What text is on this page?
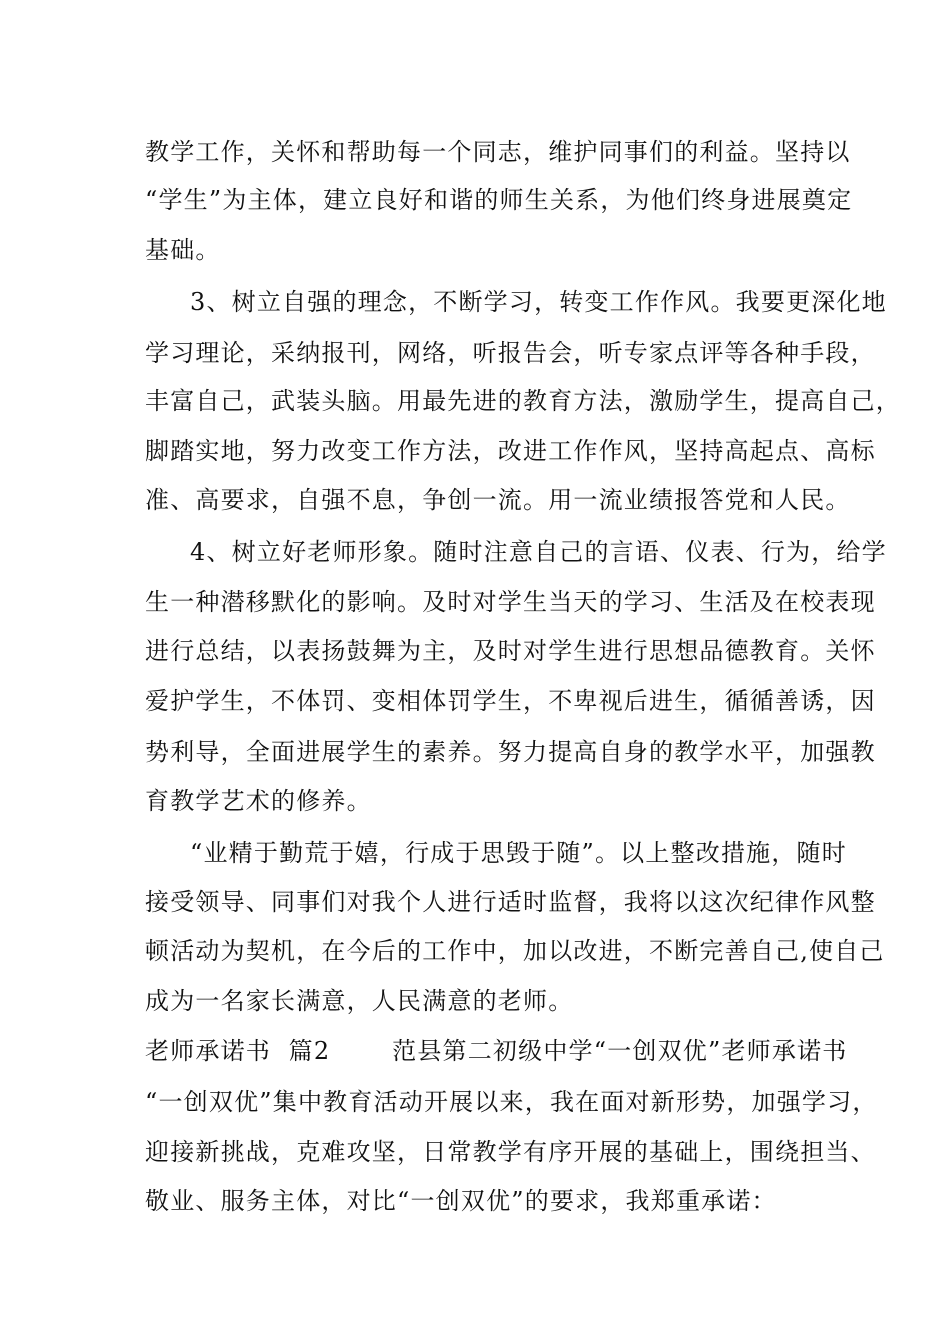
教学工作，关怀和帮助每一个同志，维护同事们的利益。坚持以
“学生”为主体，建立良好和谐的师生关系，为他们终身进展奠定
基础。
3、树立自强的理念，不断学习，转变工作作风。我要更深化地
学习理论，采纳报刊，网络，听报告会，听专家点评等各种手段，
丰富自己，武装头脑。用最先进的教育方法，激励学生，提高自己，
脚踏实地，努力改变工作方法，改进工作作风，坚持高起点、高标
准、高要求，自强不息，争创一流。用一流业绩报答党和人民。
4、树立好老师形象。随时注意自己的言语、仪表、行为，给学
生一种潜移默化的影响。及时对学生当天的学习、生活及在校表现
进行总结，以表扬鼓舞为主，及时对学生进行思想品德教育。关怀
爱护学生，不体罚、变相体罚学生，不卑视后进生，循循善诱，因
势利导，全面进展学生的素养。努力提高自身的教学水平，加强教
育教学艺术的修养。
“业精于勤荒于嬉，行成于思毁于随”。以上整改措施，随时
接受领导、同事们对我个人进行适时监督，我将以这次纪律作风整
顿活动为契机，在今后的工作中，加以改进，不断完善自己,使自己
成为一名家长满意，人民满意的老师。
老师承诺书  篇2       范县第二初级中学“一创双优”老师承诺书
“一创双优”集中教育活动开展以来，我在面对新形势，加强学习，
迎接新挑战，克难攻坚，日常教学有序开展的基础上，围绕担当、
敬业、服务主体，对比“一创双优”的要求，我郑重承诺：
